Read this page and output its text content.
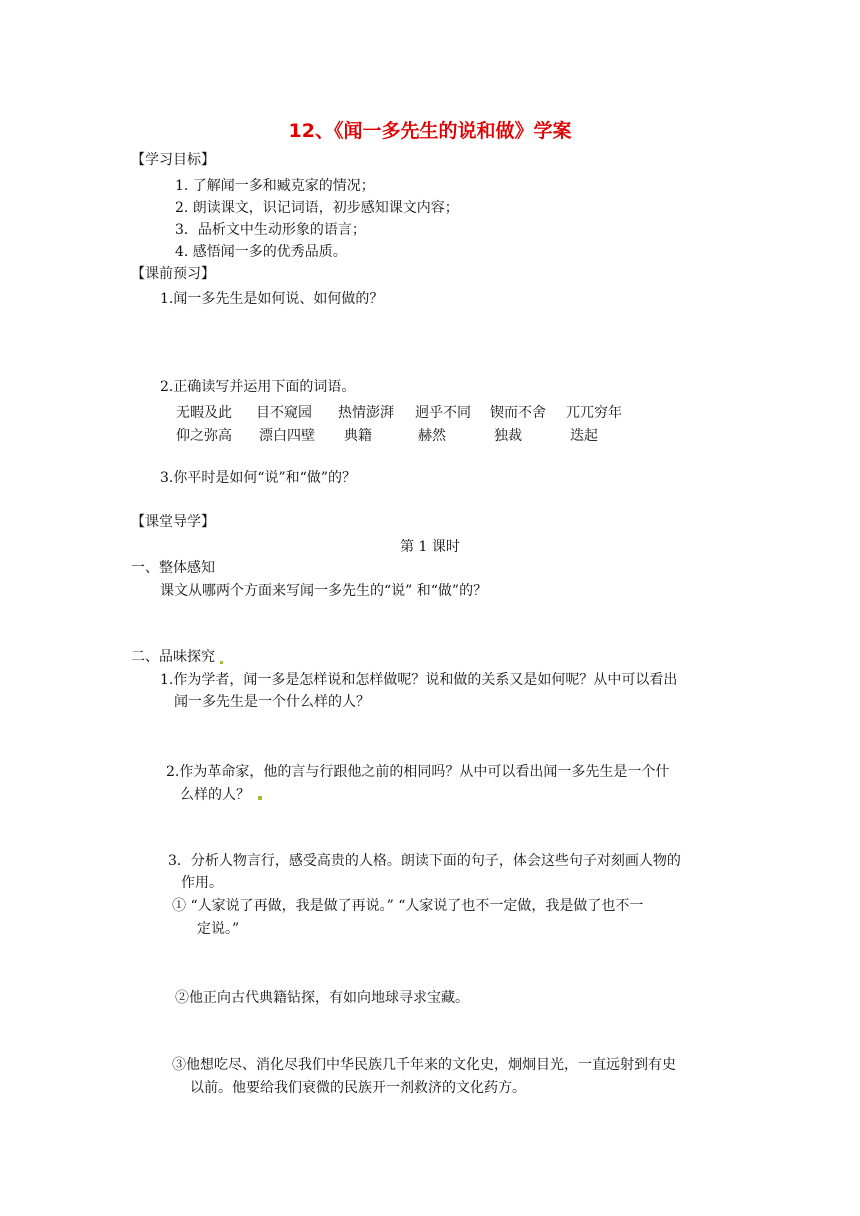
12、《闻一多先生的说和做》学案
【学习目标】
1. 了解闻一多和臧克家的情况；
2. 朗读课文，识记词语，初步感知课文内容；
3．品析文中生动形象的语言；
4. 感悟闻一多的优秀品质。
【课前预习】
1.闻一多先生是如何说、如何做的？
2.正确读写并运用下面的词语。
无暇及此 目不窥园 热情澎湃 迥乎不同 锲而不舍 兀兀穷年
仰之弥高 漂白四壁 典籍	赫然	独裁	迭起
3.你平时是如何“说”和“做”的？
【课堂导学】
第 1 课时
一、整体感知
课文从哪两个方面来写闻一多先生的“说” 和“做”的？
二、品味探究
1.作为学者，闻一多是怎样说和怎样做呢？说和做的关系又是如何呢？从中可以看出
闻一多先生是一个什么样的人？
2.作为革命家，他的言与行跟他之前的相同吗？从中可以看出闻一多先生是一个什
么样的人？
3．分析人物言行，感受高贵的人格。朗读下面的句子，体会这些句子对刻画人物的
作用。
① “人家说了再做，我是做了再说。” “人家说了也不一定做，我是做了也不一
定说。”
②他正向古代典籍钻探，有如向地球寻求宝藏。
③他想吃尽、消化尽我们中华民族几千年来的文化史，炯炯目光，一直远射到有史
以前。他要给我们衰微的民族开一剂救济的文化药方。
